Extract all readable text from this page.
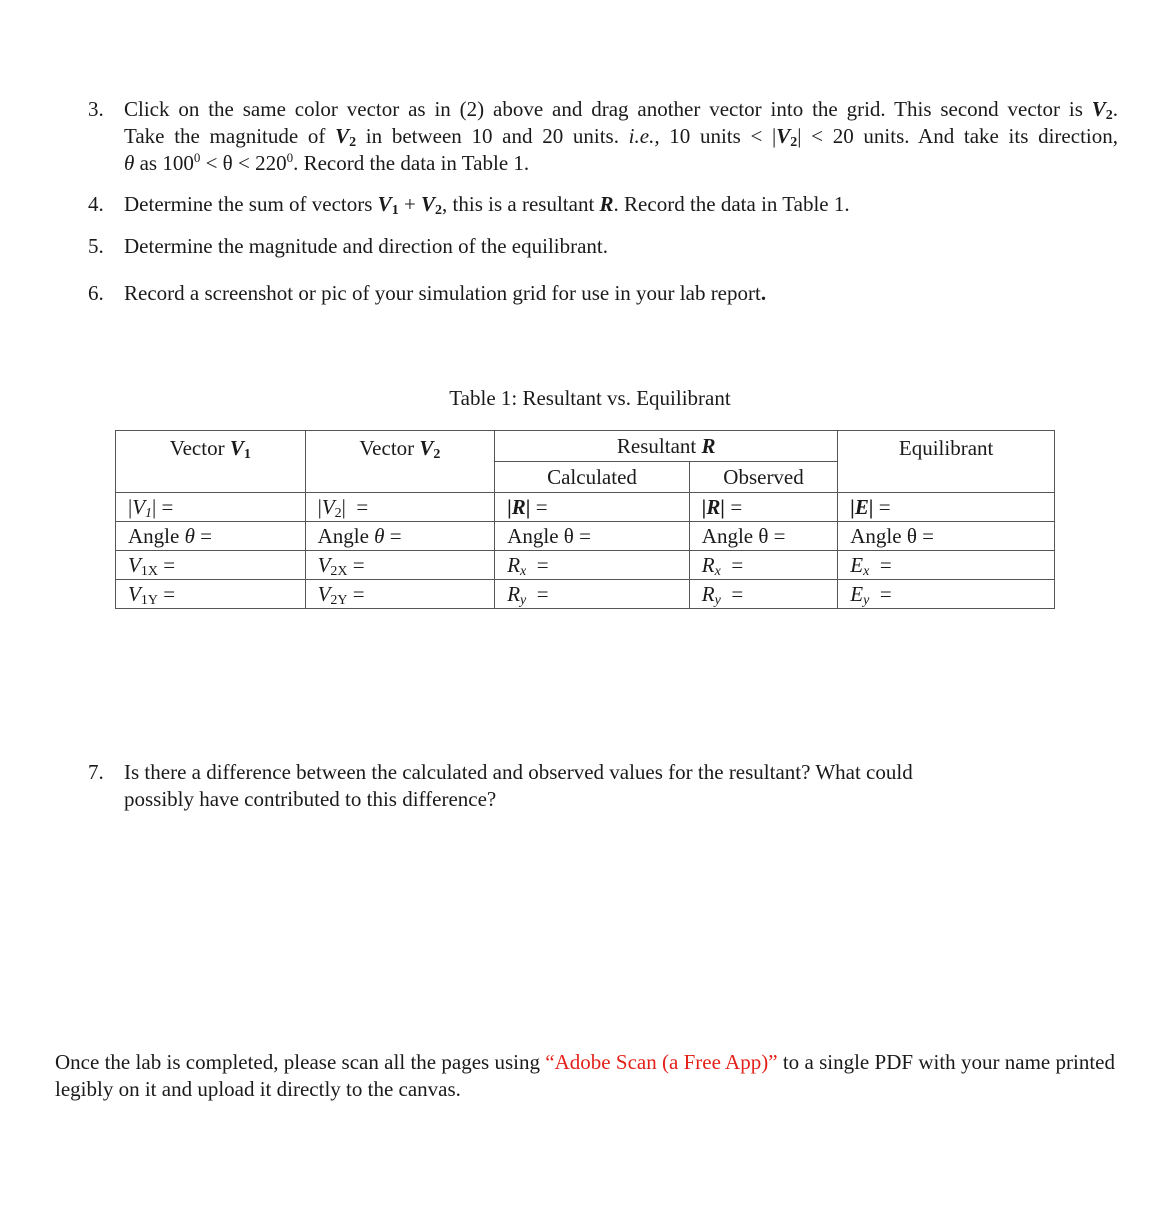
3. Click on the same color vector as in (2) above and drag another vector into the grid. This second vector is $V_2$.
Take the magnitude of $V_2$ in between 10 and 20 units. i.e., 10 units < $|V_2| < 20$ units. And take its direction,
θ as $100^0 < \theta < 220^0$. Record the data in Table 1.
4. Determine the sum of vectors $V_1 + V_2$, this is a resultant R. Record the data in Table 1.
5. Determine the magnitude and direction of the equilibrant.
6. Record a screenshot or pic of your simulation grid for use in your lab report.
Table 1: Resultant vs. Equilibrant
Vector $V_1$	Vector $V_2$	Resultant R		Equilibrant
		Calculated	Observed	
$|V_1|$ =	$|V_2|$  =	|R| =	|R| =	|E| =
Angle θ =	Angle θ =	Angle θ =	Angle θ =	Angle θ =
$V_{1X}$ =	$V_{2X}$ =	$R_x$  =	$R_x$  =	$E_x$  =
$V_{1Y}$ =	$V_{2Y}$ =	$R_y$  =	$R_y$  =	$E_y$  =
7. Is there a difference between the calculated and observed values for the resultant? What could
possibly have contributed to this difference?
Once the lab is completed, please scan all the pages using “Adobe Scan (a Free App)” to a single PDF with your name printed legibly on it and upload it directly to the canvas.
